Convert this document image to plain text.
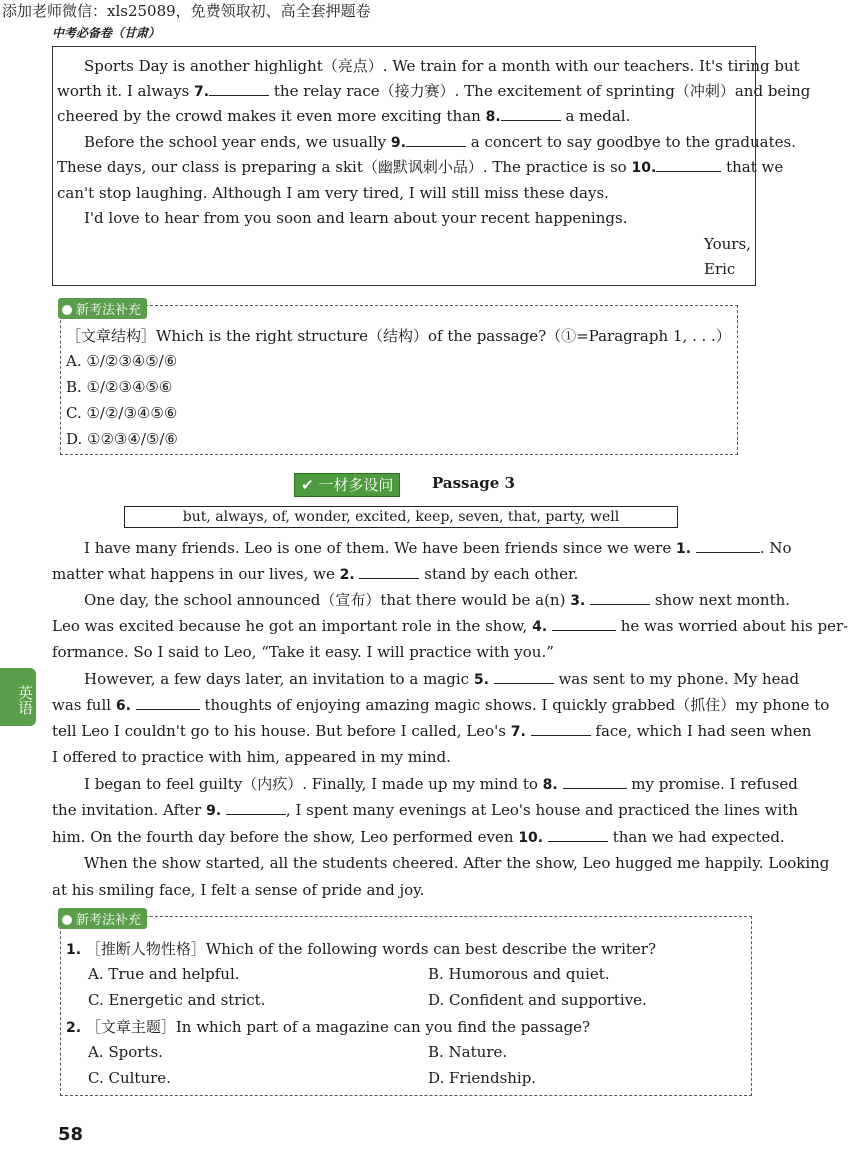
添加老师微信：xls25089，免费领取初、高全套押题卷
中考必备卷（甘肃）
Sports Day is another highlight（亮点）. We train for a month with our teachers. It's tiring but
worth it. I always 7.	the relay race（接力赛）. The excitement of sprinting（冲刺）and being
cheered by the crowd makes it even more exciting than 8.	a medal.
Before the school year ends, we usually 9.	a concert to say goodbye to the graduates.
These days, our class is preparing a skit（幽默讽刺小品）. The practice is so 10.	that we
can't stop laughing. Although I am very tired, I will still miss these days.
I'd love to hear from you soon and learn about your recent happenings.
Yours,
Eric
新考法补充
［文章结构］Which is the right structure（结构）of the passage?（①=Paragraph 1, . . .）
A. ①/②③④⑤/⑥
B. ①/②③④⑤⑥
C. ①/②/③④⑤⑥
D. ①②③④/⑤/⑥
✔ 一材多设问	Passage 3
but, always, of, wonder, excited, keep, seven, that, party, well
I have many friends. Leo is one of them. We have been friends since we were 1.	. No
matter what happens in our lives, we 2.	stand by each other.
One day, the school announced（宣布）that there would be a(n) 3.	show next month.
Leo was excited because he got an important role in the show, 4.	he was worried about his per-
formance. So I said to Leo, “Take it easy. I will practice with you.”
However, a few days later, an invitation to a magic 5.	was sent to my phone. My head
was full 6.	thoughts of enjoying amazing magic shows. I quickly grabbed（抓住）my phone to
tell Leo I couldn't go to his house. But before I called, Leo's 7.	face, which I had seen when
I offered to practice with him, appeared in my mind.
I began to feel guilty（内疚）. Finally, I made up my mind to 8.	my promise. I refused
the invitation. After 9.	, I spent many evenings at Leo's house and practiced the lines with
him. On the fourth day before the show, Leo performed even 10.	than we had expected.
When the show started, all the students cheered. After the show, Leo hugged me happily. Looking
at his smiling face, I felt a sense of pride and joy.
新考法补充
1. ［推断人物性格］Which of the following words can best describe the writer?
A. True and helpful.	B. Humorous and quiet.
C. Energetic and strict.	D. Confident and supportive.
2. ［文章主题］In which part of a magazine can you find the passage?
A. Sports.	B. Nature.
C. Culture.	D. Friendship.
英语
58
